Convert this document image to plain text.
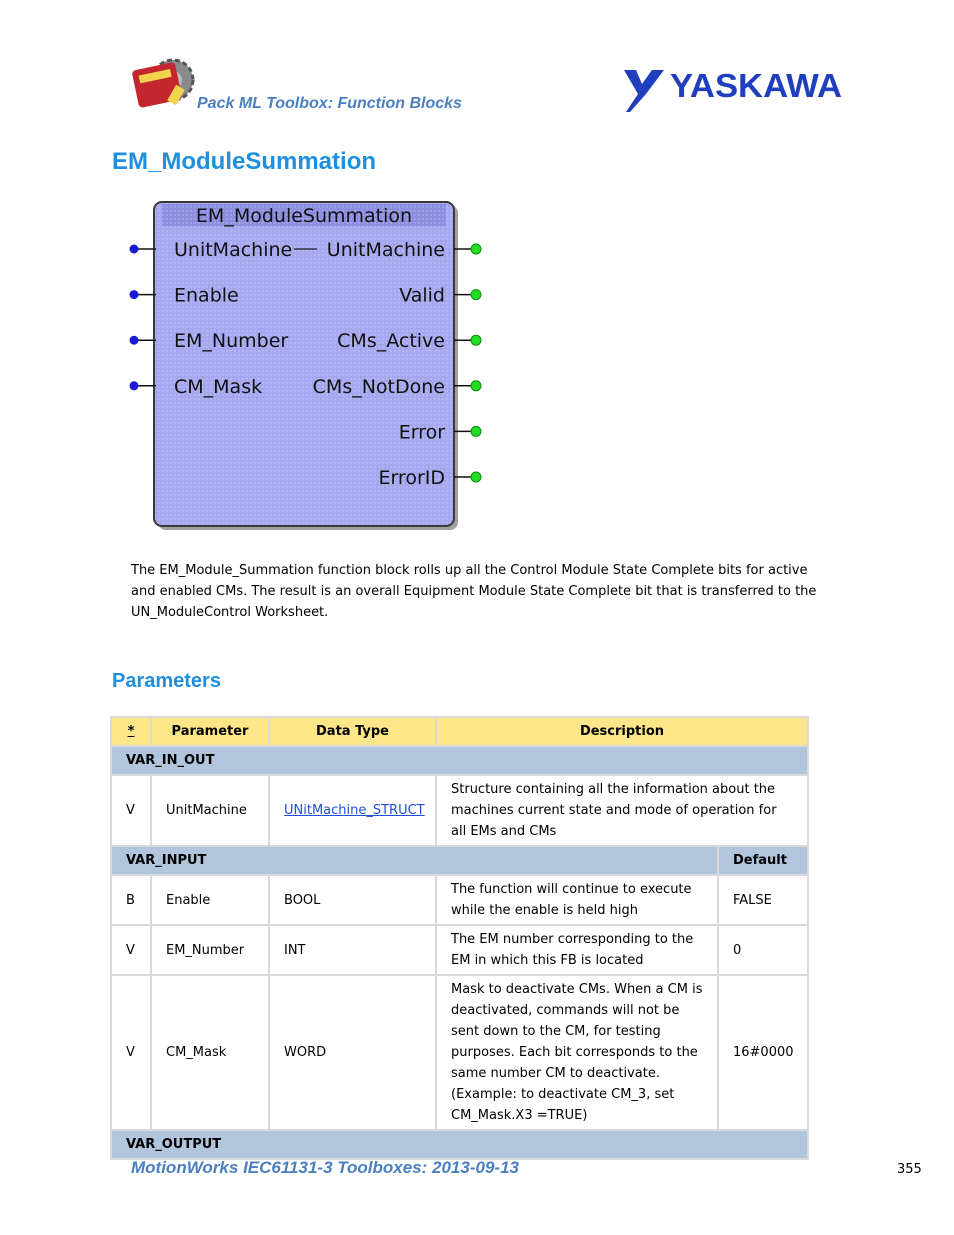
Pack ML Toolbox: Function Blocks	YASKAWA
EM_ModuleSummation
EM_ModuleSummation
UnitMachine
Enable
EM_Number
CM_Mask
UnitMachine
Valid
CMs_Active
CMs_NotDone
Error
ErrorID
The EM_Module_Summation function block rolls up all the Control Module State Complete bits for active and enabled CMs. The result is an overall Equipment Module State Complete bit that is transferred to the UN_ModuleControl Worksheet.
Parameters
*	Parameter	Data Type	Description	
VAR_IN_OUT				
V	UnitMachine	UNitMachine_STRUCT	Structure containing all the information about the machines current state and mode of operation for all EMs and CMs	
VAR_INPUT				Default
B	Enable	BOOL	The function will continue to execute while the enable is held high	FALSE
V	EM_Number	INT	The EM number corresponding to the EM in which this FB is located	0
V	CM_Mask	WORD	Mask to deactivate CMs. When a CM is deactivated, commands will not be sent down to the CM, for testing purposes. Each bit corresponds to the same number CM to deactivate. (Example: to deactivate CM_3, set CM_Mask.X3 =TRUE)	16#0000
VAR_OUTPUT				
MotionWorks IEC61131-3 Toolboxes: 2013-09-13	355
